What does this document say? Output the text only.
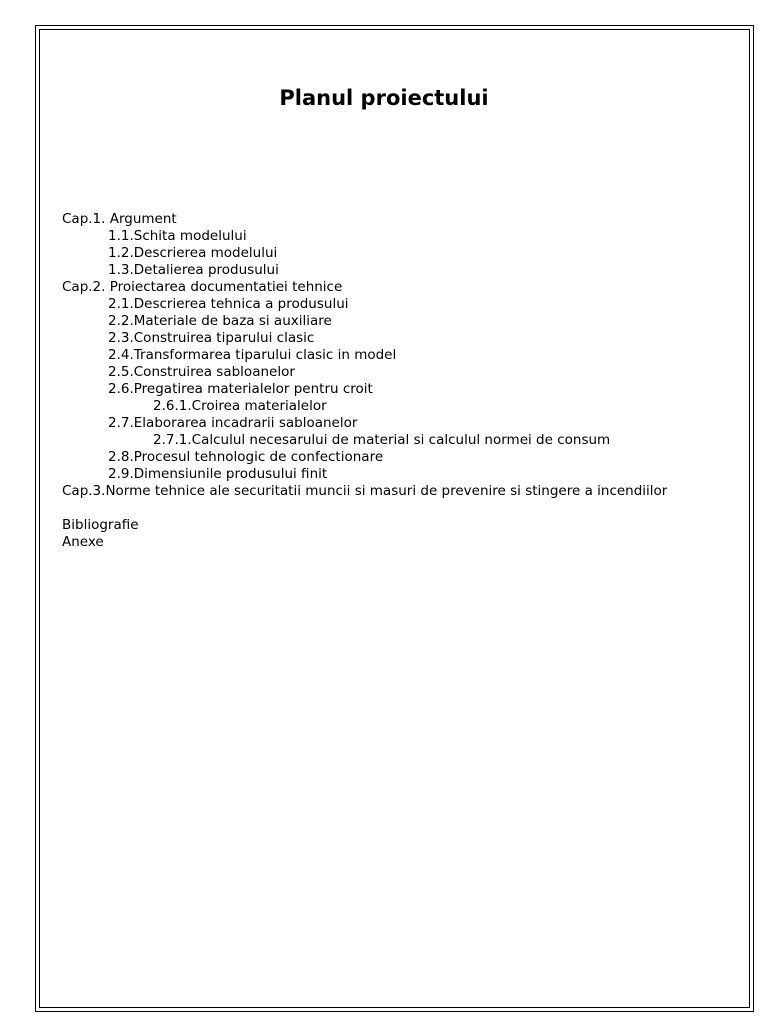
Planul proiectului
Cap.1. Argument
1.1.Schita modelului
1.2.Descrierea modelului
1.3.Detalierea produsului
Cap.2. Proiectarea documentatiei tehnice
2.1.Descrierea tehnica a produsului
2.2.Materiale de baza si auxiliare
2.3.Construirea tiparului clasic
2.4.Transformarea tiparului clasic in model
2.5.Construirea sabloanelor
2.6.Pregatirea materialelor pentru croit
2.6.1.Croirea materialelor
2.7.Elaborarea incadrarii sabloanelor
2.7.1.Calculul necesarului de material si calculul normei de consum
2.8.Procesul tehnologic de confectionare
2.9.Dimensiunile produsului finit
Cap.3.Norme tehnice ale securitatii muncii si masuri de prevenire si stingere a incendiilor
Bibliografie
Anexe
